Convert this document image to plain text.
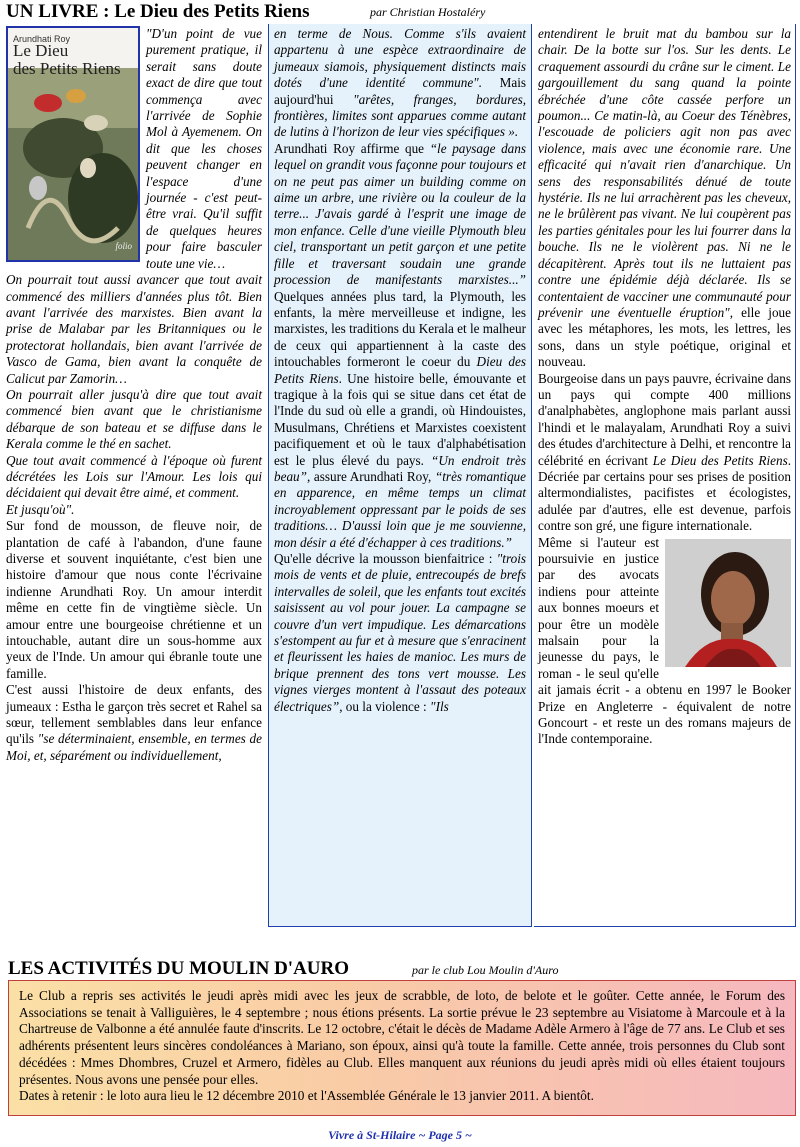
UN LIVRE : Le Dieu des Petits Riens	par Christian Hostaléry
Arundhati Roy
Le Dieu
des Petits Riens
folio

"D'un point de vue purement pratique, il serait sans doute exact de dire que tout commença avec l'arrivée de Sophie Mol à Ayemenem. On dit que les choses peuvent changer en l'espace d'une journée - c'est peut-être vrai. Qu'il suffit de quelques heures pour faire basculer toute une vie…

On pourrait tout aussi avancer que tout avait commencé des milliers d'années plus tôt. Bien avant l'arrivée des marxistes. Bien avant la prise de Malabar par les Britanniques ou le protectorat hollandais, bien avant l'arrivée de Vasco de Gama, bien avant la conquête de Calicut par Zamorin…

On pourrait aller jusqu'à dire que tout avait commencé bien avant que le christianisme débarque de son bateau et se diffuse dans le Kerala comme le thé en sachet.

Que tout avait commencé à l'époque où furent décrétées les Lois sur l'Amour. Les lois qui décidaient qui devait être aimé, et comment.

Et jusqu'où".

Sur fond de mousson, de fleuve noir, de plantation de café à l'abandon, d'une faune diverse et souvent inquiétante, c'est bien une histoire d'amour que nous conte l'écrivaine indienne Arundhati Roy. Un amour interdit même en cette fin de vingtième siècle. Un amour entre une bourgeoise chrétienne et un intouchable, autant dire un sous-homme aux yeux de l'Inde. Un amour qui ébranle toute une famille.

C'est aussi l'histoire de deux enfants, des jumeaux : Estha le garçon très secret et Rahel sa sœur, tellement semblables dans leur enfance qu'ils "se déterminaient, ensemble, en termes de Moi, et, séparément ou individuellement,

en terme de Nous. Comme s'ils avaient appartenu à une espèce extraordinaire de jumeaux siamois, physiquement distincts mais dotés d'une identité commune". Mais aujourd'hui "arêtes, franges, bordures, frontières, limites sont apparues comme autant de lutins à l'horizon de leur vies spécifiques ».

Arundhati Roy affirme que “le paysage dans lequel on grandit vous façonne pour toujours et on ne peut pas aimer un building comme on aime un arbre, une rivière ou la couleur de la terre... J'avais gardé à l'esprit une image de mon enfance. Celle d'une vieille Plymouth bleu ciel, transportant un petit garçon et une petite fille et traversant soudain une grande procession de manifestants marxistes...” Quelques années plus tard, la Plymouth, les enfants, la mère merveilleuse et indigne, les marxistes, les traditions du Kerala et le malheur de ceux qui appartiennent à la caste des intouchables formeront le coeur du Dieu des Petits Riens. Une histoire belle, émouvante et tragique à la fois qui se situe dans cet état de l'Inde du sud où elle a grandi, où Hindouistes, Musulmans, Chrétiens et Marxistes coexistent pacifiquement et où le taux d'alphabétisation est le plus élevé du pays. “Un endroit très beau”, assure Arundhati Roy, “très romantique en apparence, en même temps un climat incroyablement oppressant par le poids de ses traditions… D'aussi loin que je me souvienne, mon désir a été d'échapper à ces traditions.”

Qu'elle décrive la mousson bienfaitrice : "trois mois de vents et de pluie, entrecoupés de brefs intervalles de soleil, que les enfants tout excités saisissent au vol pour jouer. La campagne se couvre d'un vert impudique. Les démarcations s'estompent au fur et à mesure que s'enracinent et fleurissent les haies de manioc. Les murs de brique prennent des tons vert mousse. Les vignes vierges montent à l'assaut des poteaux électriques”, ou la violence : "Ils

entendirent le bruit mat du bambou sur la chair. De la botte sur l'os. Sur les dents. Le craquement assourdi du crâne sur le ciment. Le gargouillement du sang quand la pointe ébréchée d'une côte cassée perfore un poumon... Ce matin-là, au Coeur des Ténèbres, l'escouade de policiers agit non pas avec violence, mais avec une économie rare. Une efficacité qui n'avait rien d'anarchique. Un sens des responsabilités dénué de toute hystérie. Ils ne lui arrachèrent pas les cheveux, ne le brûlèrent pas vivant. Ne lui coupèrent pas les parties génitales pour les lui fourrer dans la bouche. Ils ne le violèrent pas. Ni ne le décapitèrent. Après tout ils ne luttaient pas contre une épidémie déjà déclarée. Ils se contentaient de vacciner une communauté pour prévenir une éventuelle éruption", elle joue avec les métaphores, les mots, les lettres, les sons, dans un style poétique, original et nouveau.

Bourgeoise dans un pays pauvre, écrivaine dans un pays qui compte 400 millions d'analphabètes, anglophone mais parlant aussi l'hindi et le malayalam, Arundhati Roy a suivi des études d'architecture à Delhi, et rencontre la célébrité en écrivant Le Dieu des Petits Riens. Décriée par certains pour ses prises de position altermondialistes, pacifistes et écologistes, adulée par d'autres, elle est devenue, parfois contre son gré, une figure internationale.

Même si l'auteur est poursuivie en justice par des avocats indiens pour atteinte aux bonnes moeurs et pour être un modèle malsain pour la jeunesse du pays, le roman - le seul qu'elle ait jamais écrit - a obtenu en 1997 le Booker Prize en Angleterre - équivalent de notre Goncourt - et reste un des romans majeurs de l'Inde contemporaine.

LES ACTIVITÉS DU MOULIN D'AURO	par le club Lou Moulin d'Auro

Le Club a repris ses activités le jeudi après midi avec les jeux de scrabble, de loto, de belote et le goûter. Cette année, le Forum des Associations se tenait à Valliguières, le 4 septembre ; nous étions présents. La sortie prévue le 23 septembre au Visiatome à Marcoule et à la Chartreuse de Valbonne a été annulée faute d'inscrits. Le 12 octobre, c'était le décès de Madame Adèle Armero à l'âge de 77 ans. Le Club et ses adhérents présentent leurs sincères condoléances à Mariano, son époux, ainsi qu'à toute la famille. Cette année, trois personnes du Club sont décédées : Mmes Dhombres, Cruzel et Armero, fidèles au Club. Elles manquent aux réunions du jeudi après midi où elles étaient toujours présentes. Nous avons une pensée pour elles.

Dates à retenir : le loto aura lieu le 12 décembre 2010 et l'Assemblée Générale le 13 janvier 2011. A bientôt.

Vivre à St-Hilaire ~ Page 5 ~
